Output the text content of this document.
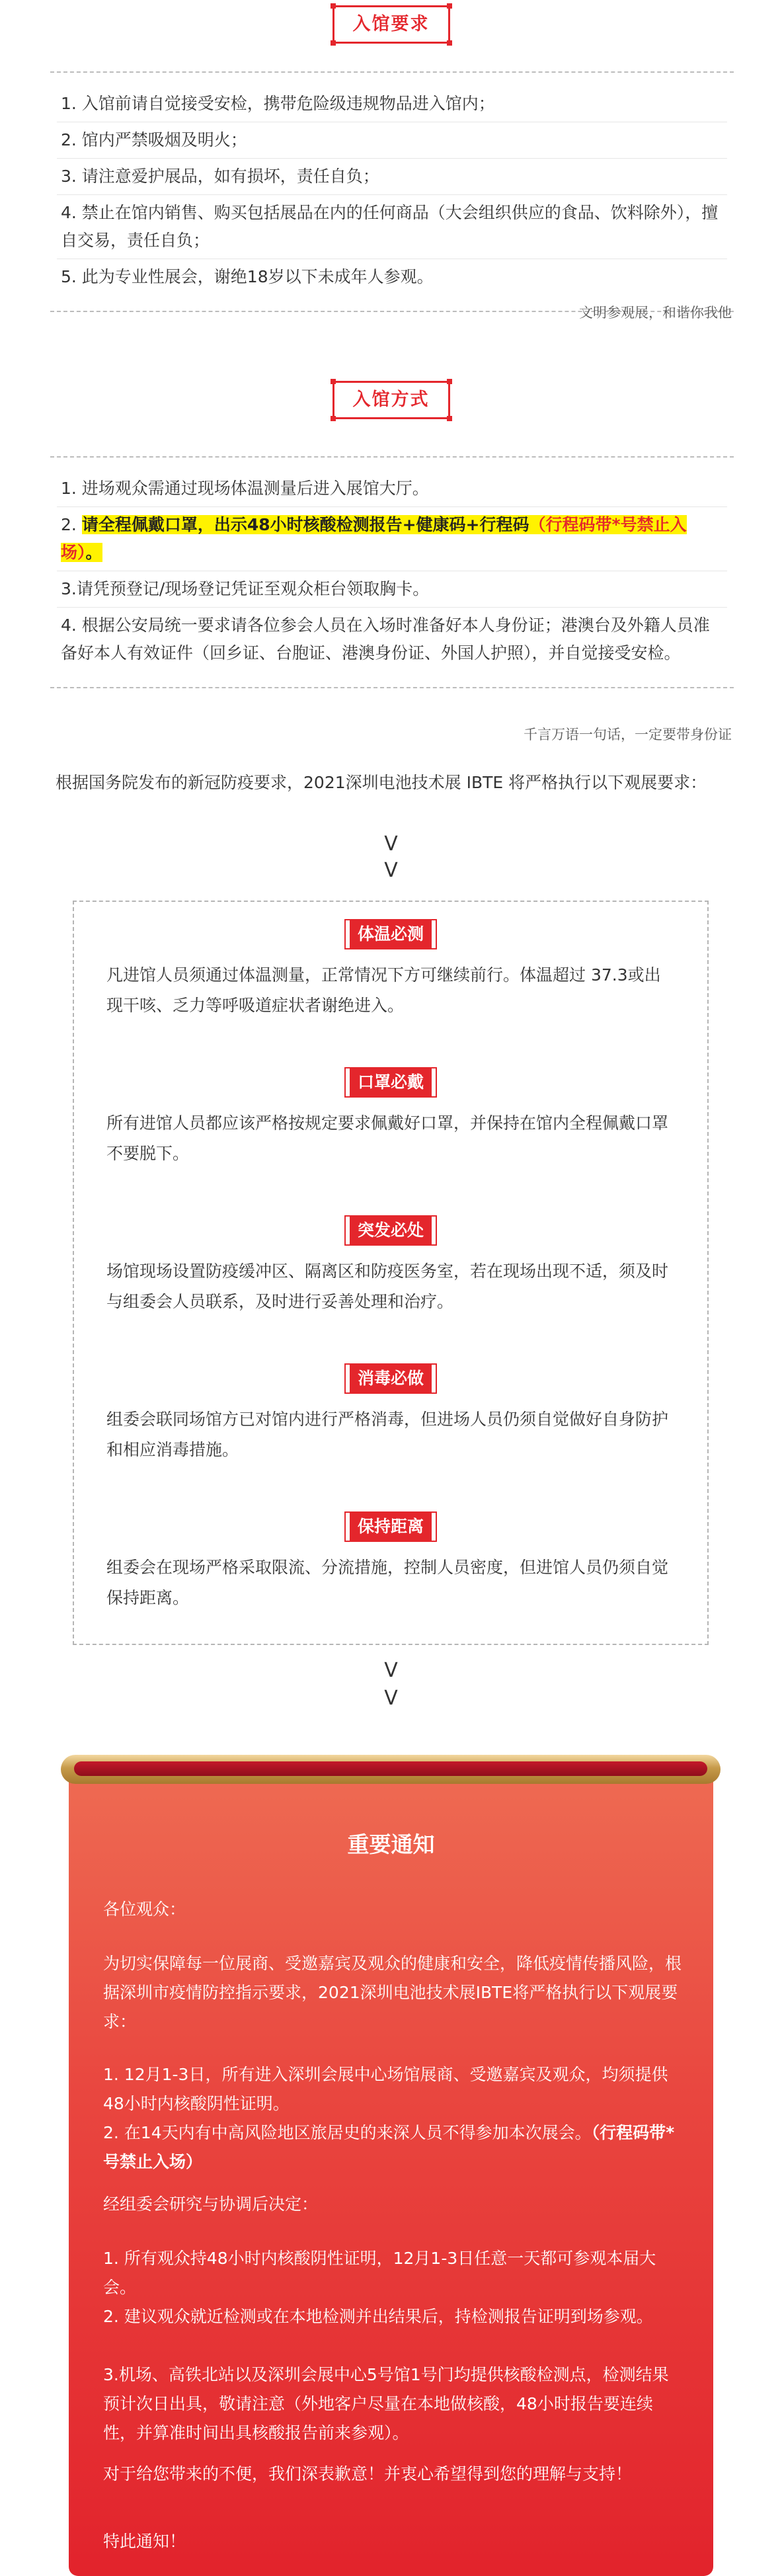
入馆要求
1. 入馆前请自觉接受安检，携带危险级违规物品进入馆内；
2. 馆内严禁吸烟及明火；
3. 请注意爱护展品，如有损坏，责任自负；
4. 禁止在馆内销售、购买包括展品在内的任何商品（大会组织供应的食品、饮料除外），擅自交易，责任自负；
5. 此为专业性展会，谢绝18岁以下未成年人参观。
文明参观展，和谐你我他
入馆方式
1. 进场观众需通过现场体温测量后进入展馆大厅。
2. 请全程佩戴口罩，出示48小时核酸检测报告+健康码+行程码（行程码带*号禁止入场）。
3.请凭预登记/现场登记凭证至观众柜台领取胸卡。
4. 根据公安局统一要求请各位参会人员在入场时准备好本人身份证；港澳台及外籍人员准备好本人有效证件（回乡证、台胞证、港澳身份证、外国人护照），并自觉接受安检。
千言万语一句话，一定要带身份证
根据国务院发布的新冠防疫要求，2021深圳电池技术展 IBTE 将严格执行以下观展要求：
V
V
体温必测
凡进馆人员须通过体温测量，正常情况下方可继续前行。体温超过 37.3或出现干咳、乏力等呼吸道症状者谢绝进入。
口罩必戴
所有进馆人员都应该严格按规定要求佩戴好口罩，并保持在馆内全程佩戴口罩不要脱下。
突发必处
场馆现场设置防疫缓冲区、隔离区和防疫医务室，若在现场出现不适，须及时与组委会人员联系，及时进行妥善处理和治疗。
消毒必做
组委会联同场馆方已对馆内进行严格消毒，但进场人员仍须自觉做好自身防护和相应消毒措施。
保持距离
组委会在现场严格采取限流、分流措施，控制人员密度，但进馆人员仍须自觉保持距离。
V
V
重要通知
各位观众：
为切实保障每一位展商、受邀嘉宾及观众的健康和安全，降低疫情传播风险，根据深圳市疫情防控指示要求，2021深圳电池技术展IBTE将严格执行以下观展要求：
1. 12月1-3日，所有进入深圳会展中心场馆展商、受邀嘉宾及观众，均须提供48小时内核酸阴性证明。
2. 在14天内有中高风险地区旅居史的来深人员不得参加本次展会。（行程码带*号禁止入场）
经组委会研究与协调后决定：
1. 所有观众持48小时内核酸阴性证明，12月1-3日任意一天都可参观本届大会。
2. 建议观众就近检测或在本地检测并出结果后，持检测报告证明到场参观。
3.机场、高铁北站以及深圳会展中心5号馆1号门均提供核酸检测点，检测结果预计次日出具，敬请注意（外地客户尽量在本地做核酸，48小时报告要连续性，并算准时间出具核酸报告前来参观）。
对于给您带来的不便，我们深表歉意！并衷心希望得到您的理解与支持！
特此通知！
